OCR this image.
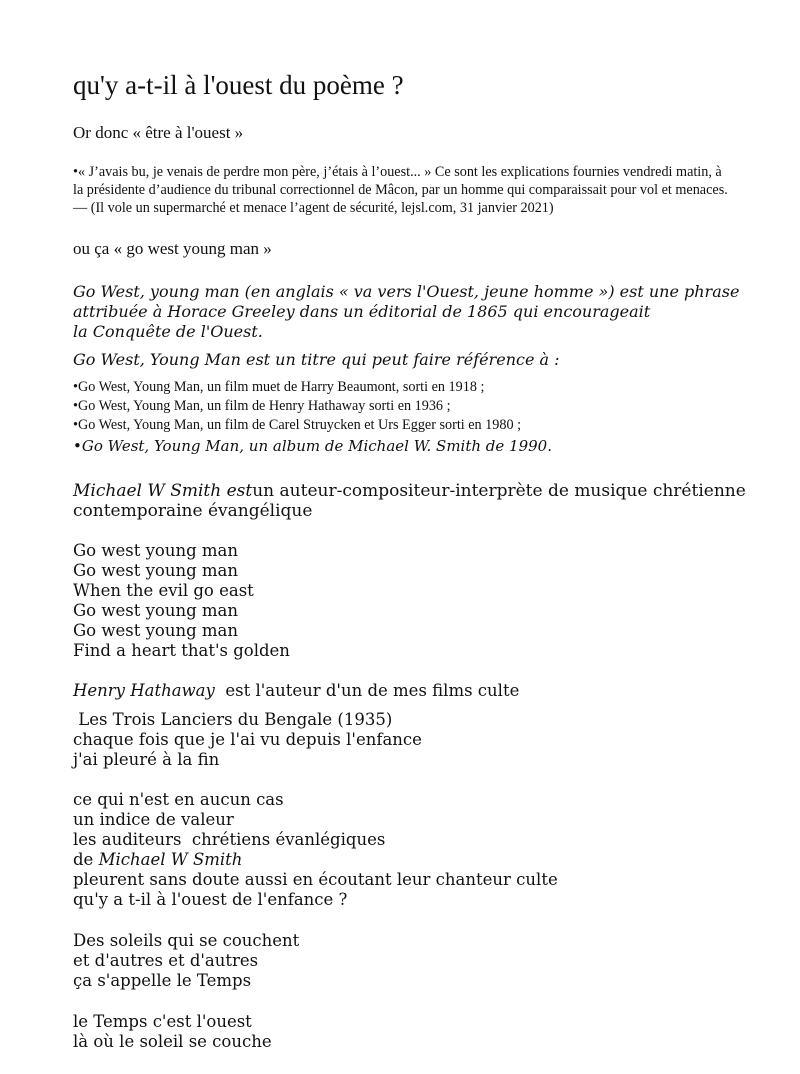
qu'y a-t-il à l'ouest du poème ?

Or donc « être à l'ouest »

•« J’avais bu, je venais de perdre mon père, j’étais à l’ouest... » Ce sont les explications fournies vendredi matin, à la présidente d’audience du tribunal correctionnel de Mâcon, par un homme qui comparaissait pour vol et menaces. — (Il vole un supermarché et menace l’agent de sécurité, lejsl.com, 31 janvier 2021)

ou ça « go west young man »

Go West, young man (en anglais « va vers l'Ouest, jeune homme ») est une phrase
attribuée à Horace Greeley dans un éditorial de 1865 qui encourageait
la Conquête de l'Ouest.

Go West, Young Man est un titre qui peut faire référence à :

•Go West, Young Man, un film muet de Harry Beaumont, sorti en 1918 ;
•Go West, Young Man, un film de Henry Hathaway sorti en 1936 ;
•Go West, Young Man, un film de Carel Struycken et Urs Egger sorti en 1980 ;
•Go West, Young Man, un album de Michael W. Smith de 1990.

Michael W Smith estun auteur-compositeur-interprète de musique chrétienne
contemporaine évangélique

Go west young man
Go west young man
When the evil go east
Go west young man
Go west young man
Find a heart that's golden
Henry Hathaway  est l'auteur d'un de mes films culte
Les Trois Lanciers du Bengale (1935)
chaque fois que je l'ai vu depuis l'enfance
j'ai pleuré à la fin
ce qui n'est en aucun cas
un indice de valeur
les auditeurs  chrétiens évanlégiques
de Michael W Smith
pleurent sans doute aussi en écoutant leur chanteur culte
qu'y a t-il à l'ouest de l'enfance ?
Des soleils qui se couchent
et d'autres et d'autres
ça s'appelle le Temps
le Temps c'est l'ouest
là où le soleil se couche
